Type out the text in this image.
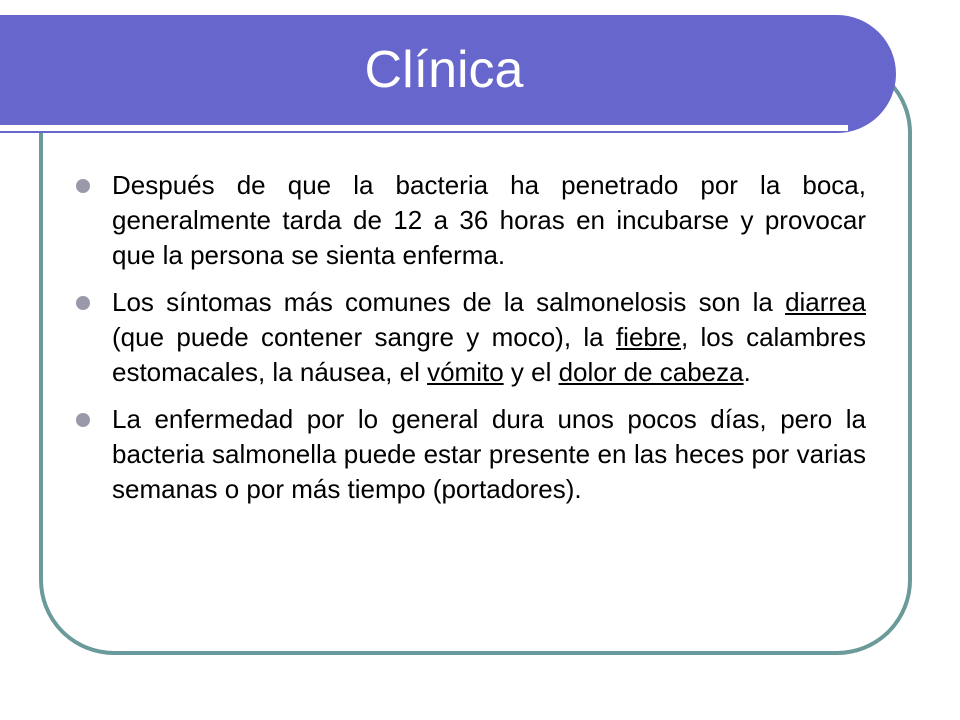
Clínica
Después de que la bacteria ha penetrado por la boca, generalmente tarda de 12 a 36 horas en incubarse y provocar que la persona se sienta enferma.
Los síntomas más comunes de la salmonelosis son la diarrea (que puede contener sangre y moco), la fiebre, los calambres estomacales, la náusea, el vómito y el dolor de cabeza.
La enfermedad por lo general dura unos pocos días, pero la bacteria salmonella puede estar presente en las heces por varias semanas o por más tiempo (portadores).
